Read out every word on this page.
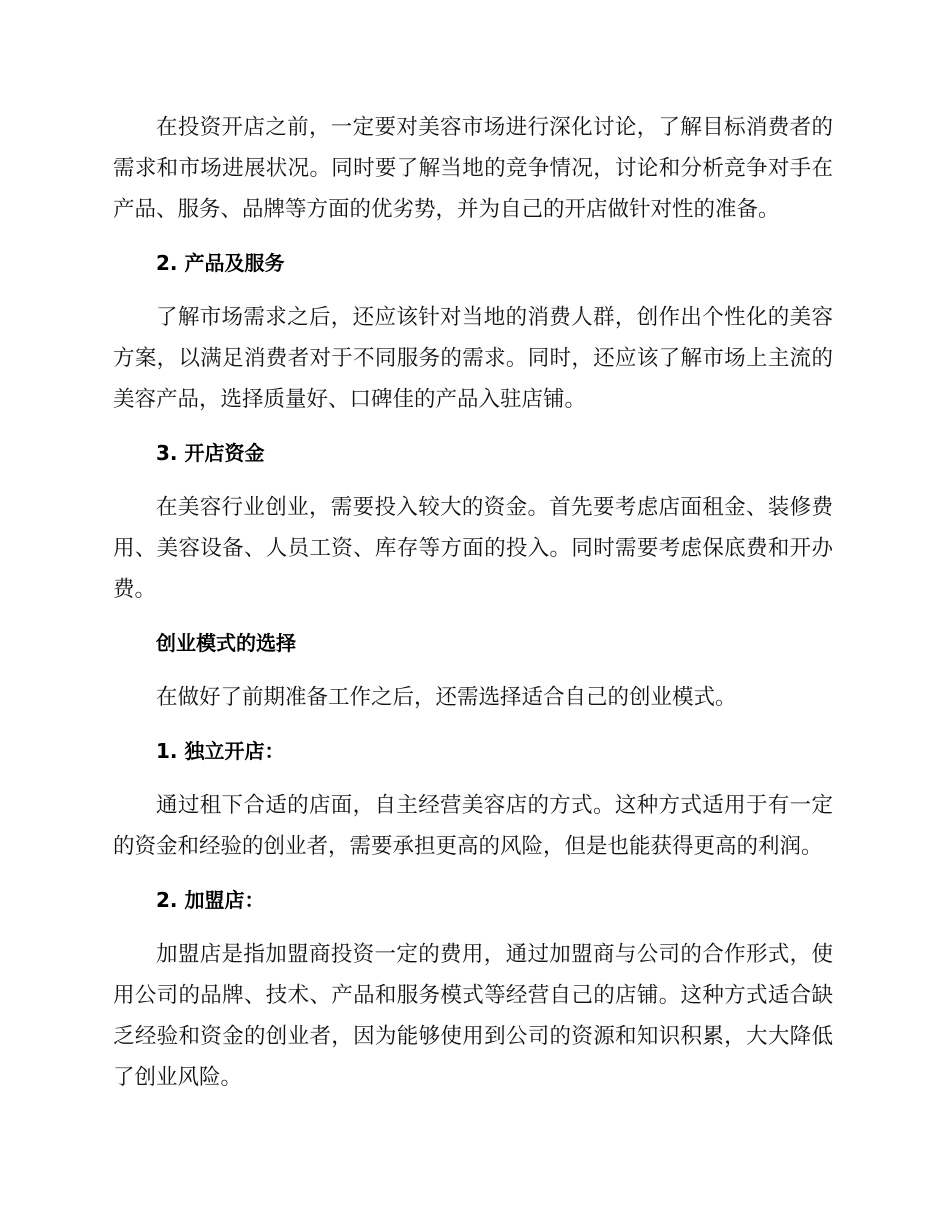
在投资开店之前，一定要对美容市场进行深化讨论，了解目标消费者的需求和市场进展状况。同时要了解当地的竞争情况，讨论和分析竞争对手在产品、服务、品牌等方面的优劣势，并为自己的开店做针对性的准备。

2. 产品及服务

了解市场需求之后，还应该针对当地的消费人群，创作出个性化的美容方案，以满足消费者对于不同服务的需求。同时，还应该了解市场上主流的美容产品，选择质量好、口碑佳的产品入驻店铺。

3. 开店资金

在美容行业创业，需要投入较大的资金。首先要考虑店面租金、装修费用、美容设备、人员工资、库存等方面的投入。同时需要考虑保底费和开办费。

创业模式的选择

在做好了前期准备工作之后，还需选择适合自己的创业模式。

1. 独立开店：

通过租下合适的店面，自主经营美容店的方式。这种方式适用于有一定的资金和经验的创业者，需要承担更高的风险，但是也能获得更高的利润。

2. 加盟店：

加盟店是指加盟商投资一定的费用，通过加盟商与公司的合作形式，使用公司的品牌、技术、产品和服务模式等经营自己的店铺。这种方式适合缺乏经验和资金的创业者，因为能够使用到公司的资源和知识积累，大大降低了创业风险。
